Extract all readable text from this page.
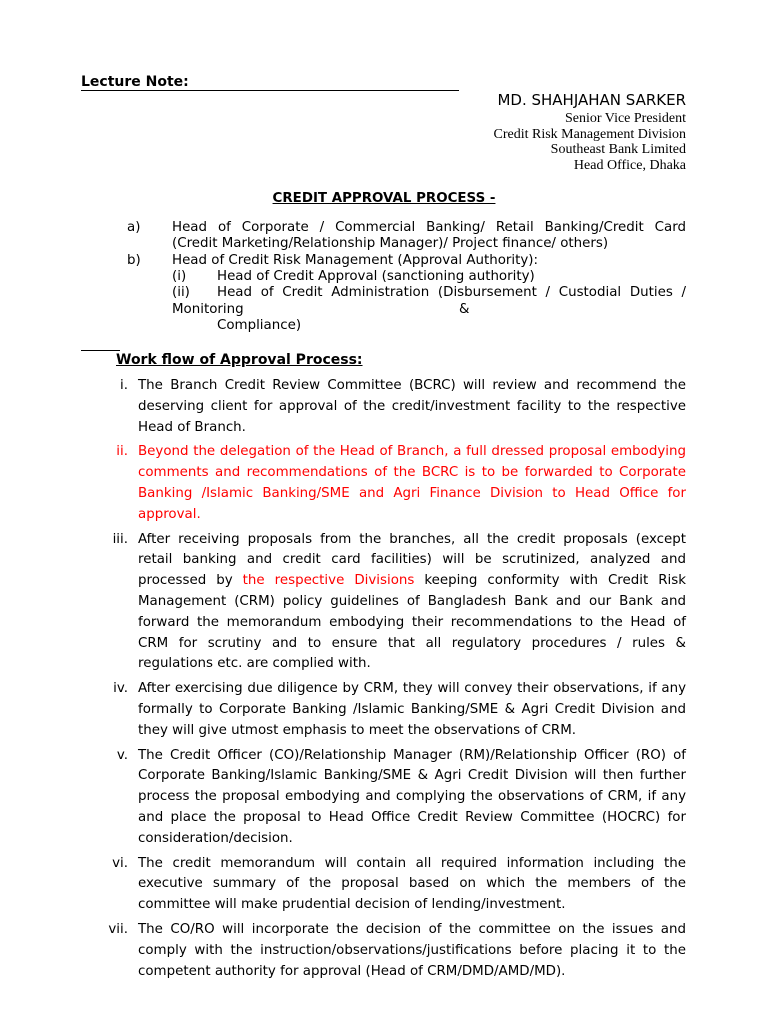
Lecture Note:
MD. SHAHJAHAN SARKER
Senior Vice President
Credit Risk Management Division
Southeast Bank Limited
Head Office, Dhaka
CREDIT APPROVAL PROCESS -
a) Head of Corporate / Commercial Banking/ Retail Banking/Credit Card
(Credit Marketing/Relationship Manager)/ Project finance/ others)
b) Head of Credit Risk Management (Approval Authority):
(i) Head of Credit Approval (sanctioning authority)
(ii) Head of Credit Administration (Disbursement / Custodial Duties /
Monitoring	&
Compliance)
Work flow of Approval Process:
i. The Branch Credit Review Committee (BCRC) will review and recommend the deserving client for approval of the credit/investment facility to the respective Head of Branch.
ii. Beyond the delegation of the Head of Branch, a full dressed proposal embodying comments and recommendations of the BCRC is to be forwarded to Corporate Banking /Islamic Banking/SME and Agri Finance Division to Head Office for approval.
iii. After receiving proposals from the branches, all the credit proposals (except retail banking and credit card facilities) will be scrutinized, analyzed and processed by the respective Divisions keeping conformity with Credit Risk Management (CRM) policy guidelines of Bangladesh Bank and our Bank and forward the memorandum embodying their recommendations to the Head of CRM for scrutiny and to ensure that all regulatory procedures / rules & regulations etc. are complied with.
iv. After exercising due diligence by CRM, they will convey their observations, if any formally to Corporate Banking /Islamic Banking/SME & Agri Credit Division and they will give utmost emphasis to meet the observations of CRM.
v. The Credit Officer (CO)/Relationship Manager (RM)/Relationship Officer (RO) of Corporate Banking/Islamic Banking/SME & Agri Credit Division will then further process the proposal embodying and complying the observations of CRM, if any and place the proposal to Head Office Credit Review Committee (HOCRC) for consideration/decision.
vi. The credit memorandum will contain all required information including the executive summary of the proposal based on which the members of the committee will make prudential decision of lending/investment.
vii. The CO/RO will incorporate the decision of the committee on the issues and comply with the instruction/observations/justifications before placing it to the competent authority for approval (Head of CRM/DMD/AMD/MD).
